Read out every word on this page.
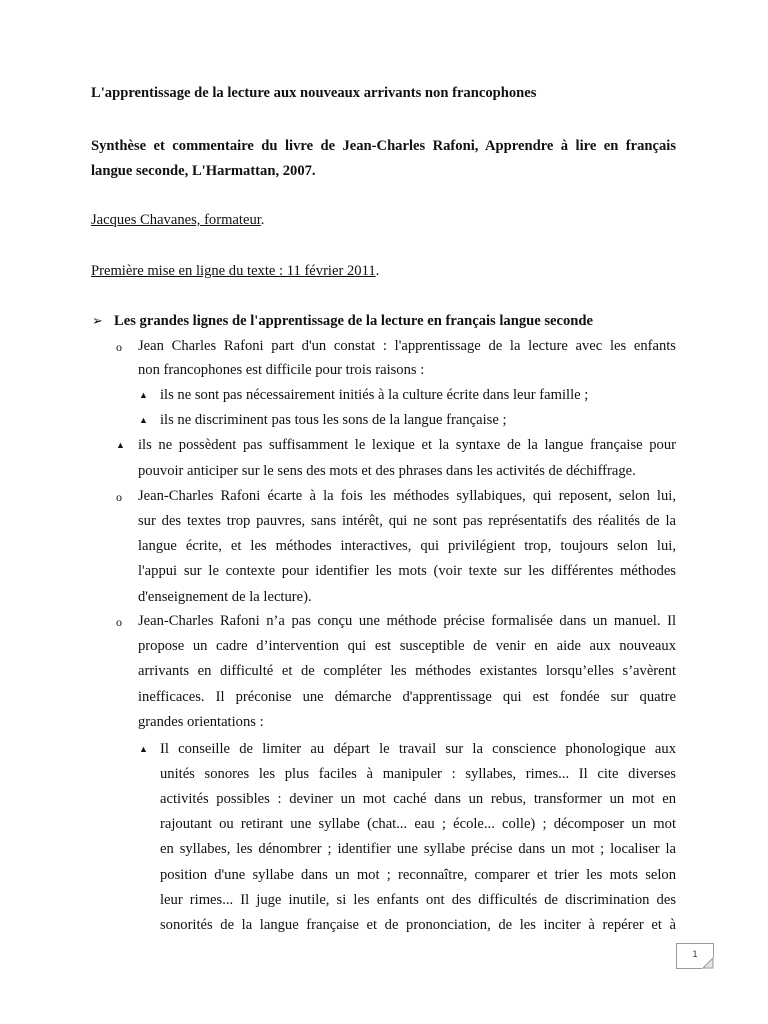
L'apprentissage de la lecture aux nouveaux arrivants non francophones
Synthèse et commentaire du livre de Jean-Charles Rafoni, Apprendre à lire en français
langue seconde, L'Harmattan, 2007.
Jacques Chavanes, formateur.
Première mise en ligne du texte : 11 février 2011.
➢ Les grandes lignes de l'apprentissage de la lecture en français langue seconde
o Jean Charles Rafoni part d'un constat : l'apprentissage de la lecture avec les enfants
non francophones est difficile pour trois raisons :
▲ ils ne sont pas nécessairement initiés à la culture écrite dans leur famille ;
▲ ils ne discriminent pas tous les sons de la langue française ;
▲ ils ne possèdent pas suffisamment le lexique et la syntaxe de la langue française pour
pouvoir anticiper sur le sens des mots et des phrases dans les activités de déchiffrage.
o Jean-Charles Rafoni écarte à la fois les méthodes syllabiques, qui reposent, selon lui,
sur des textes trop pauvres, sans intérêt, qui ne sont pas représentatifs des réalités de la
langue écrite, et les méthodes interactives, qui privilégient trop, toujours selon lui,
l'appui sur le contexte pour identifier les mots (voir texte sur les différentes méthodes
d'enseignement de la lecture).
o Jean-Charles Rafoni n’a pas conçu une méthode précise formalisée dans un manuel. Il
propose un cadre d’intervention qui est susceptible de venir en aide aux nouveaux
arrivants en difficulté et de compléter les méthodes existantes lorsqu’elles s’avèrent
inefficaces. Il préconise une démarche d'apprentissage qui est fondée sur quatre
grandes orientations :
▲ Il conseille de limiter au départ le travail sur la conscience phonologique aux
unités sonores les plus faciles à manipuler : syllabes, rimes... Il cite diverses
activités possibles : deviner un mot caché dans un rebus, transformer un mot en
rajoutant ou retirant une syllabe (chat... eau ; école... colle) ; décomposer un mot
en syllabes, les dénombrer ; identifier une syllabe précise dans un mot ; localiser la
position d'une syllabe dans un mot ; reconnaître, comparer et trier les mots selon
leur rimes... Il juge inutile, si les enfants ont des difficultés de discrimination des
sonorités de la langue française et de prononciation, de les inciter à repérer et à
1
